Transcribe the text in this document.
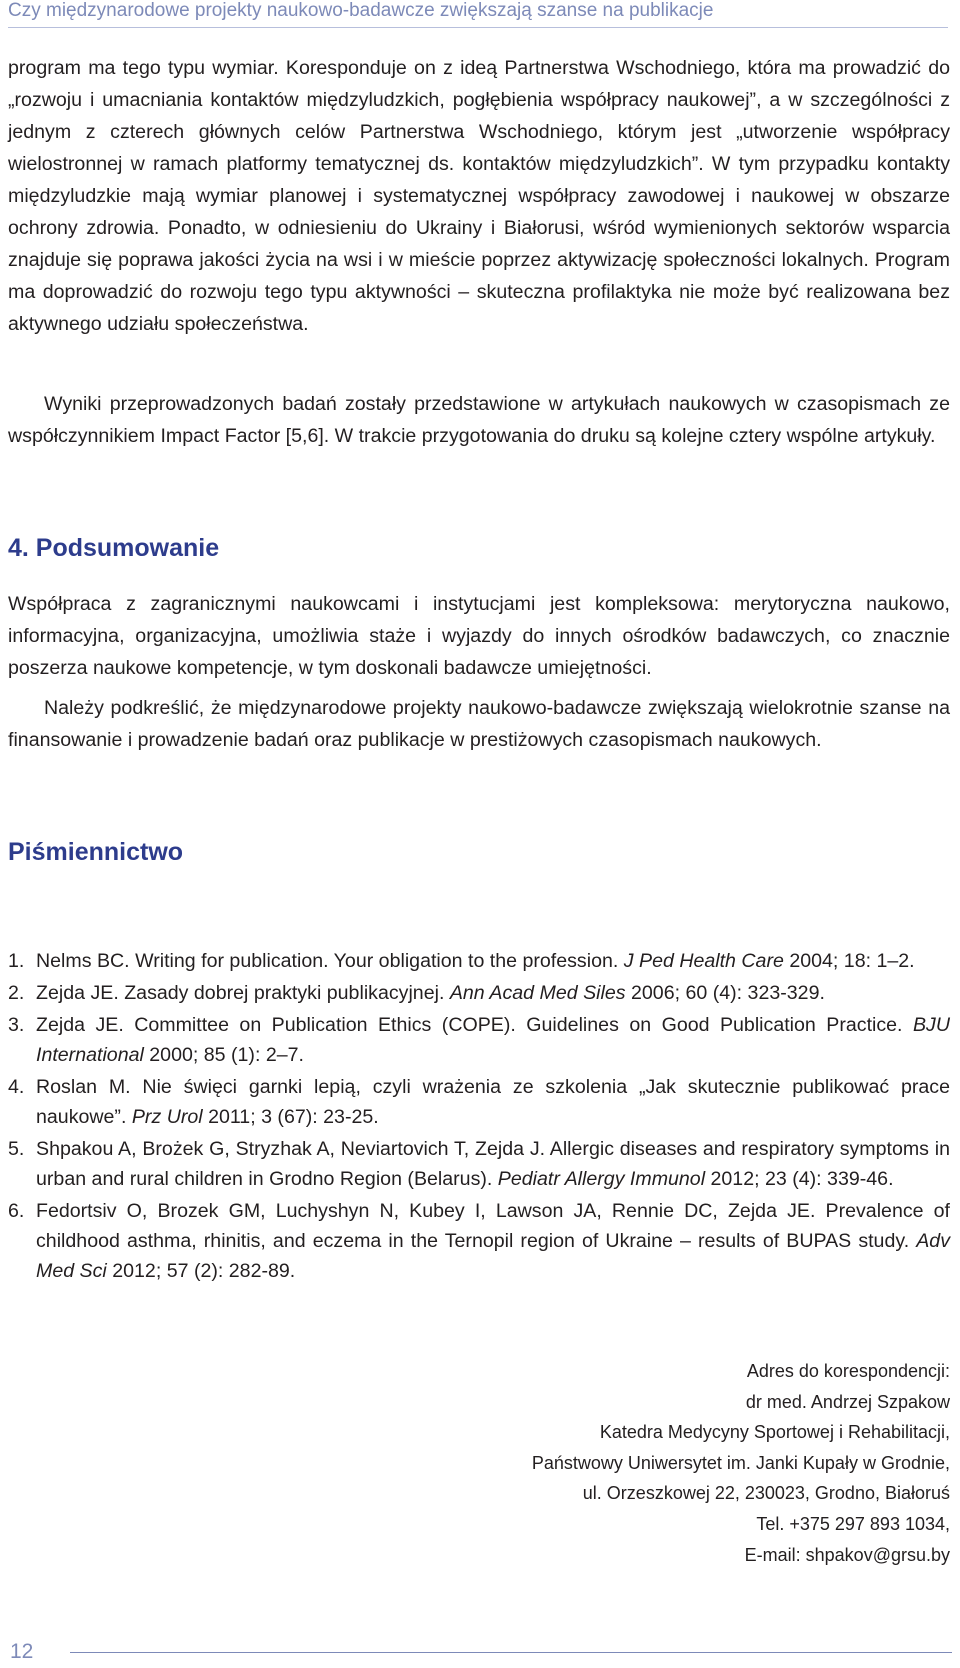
Czy międzynarodowe projekty naukowo-badawcze zwiększają szanse na publikacje

program ma tego typu wymiar. Koresponduje on z ideą Partnerstwa Wschodniego, która ma prowadzić do „rozwoju i umacniania kontaktów międzyludzkich, pogłębienia współpracy naukowej”, a w szczególności z jednym z czterech głównych celów Partnerstwa Wschodniego, którym jest „utworzenie współpracy wielostronnej w ramach platformy tematycznej ds. kontaktów międzyludzkich”. W tym przypadku kontakty międzyludzkie mają wymiar planowej i systematycznej współpracy zawodowej i naukowej w obszarze ochrony zdrowia. Ponadto, w odniesieniu do Ukrainy i Białorusi, wśród wymienionych sektorów wsparcia znajduje się poprawa jakości życia na wsi i w mieście poprzez aktywizację społeczności lokalnych. Program ma doprowadzić do rozwoju tego typu aktywności – skuteczna profilaktyka nie może być realizowana bez aktywnego udziału społeczeństwa.

Wyniki przeprowadzonych badań zostały przedstawione w artykułach naukowych w czasopismach ze współczynnikiem Impact Factor [5,6]. W trakcie przygotowania do druku są kolejne cztery wspólne artykuły.

4. Podsumowanie

Współpraca z zagranicznymi naukowcami i instytucjami jest kompleksowa: merytoryczna naukowo, informacyjna, organizacyjna, umożliwia staże i wyjazdy do innych ośrodków badawczych, co znacznie poszerza naukowe kompetencje, w tym doskonali badawcze umiejętności.

Należy podkreślić, że międzynarodowe projekty naukowo-badawcze zwiększają wielokrotnie szanse na finansowanie i prowadzenie badań oraz publikacje w prestiżowych czasopismach naukowych.

Piśmiennictwo
1. Nelms BC. Writing for publication. Your obligation to the profession. J Ped Health Care 2004; 18: 1–2.
2. Zejda JE. Zasady dobrej praktyki publikacyjnej. Ann Acad Med Siles 2006; 60 (4): 323-329.
3. Zejda JE. Committee on Publication Ethics (COPE). Guidelines on Good Publication Practice. BJU International 2000; 85 (1): 2–7.
4. Roslan M. Nie święci garnki lepią, czyli wrażenia ze szkolenia „Jak skutecznie publikować prace naukowe”. Prz Urol 2011; 3 (67): 23-25.
5. Shpakou A, Brożek G, Stryzhak A, Neviartovich T, Zejda J. Allergic diseases and respiratory symptoms in urban and rural children in Grodno Region (Belarus). Pediatr Allergy Immunol 2012; 23 (4): 339-46.
6. Fedortsiv O, Brozek GM, Luchyshyn N, Kubey I, Lawson JA, Rennie DC, Zejda JE. Prevalence of childhood asthma, rhinitis, and eczema in the Ternopil region of Ukraine – results of BUPAS study. Adv Med Sci 2012; 57 (2): 282-89.
Adres do korespondencji:
dr med. Andrzej Szpakow
Katedra Medycyny Sportowej i Rehabilitacji,
Państwowy Uniwersytet im. Janki Kupały w Grodnie,
ul. Orzeszkowej 22, 230023, Grodno, Białoruś
Tel. +375 297 893 1034,
E-mail: shpakov@grsu.by
12
